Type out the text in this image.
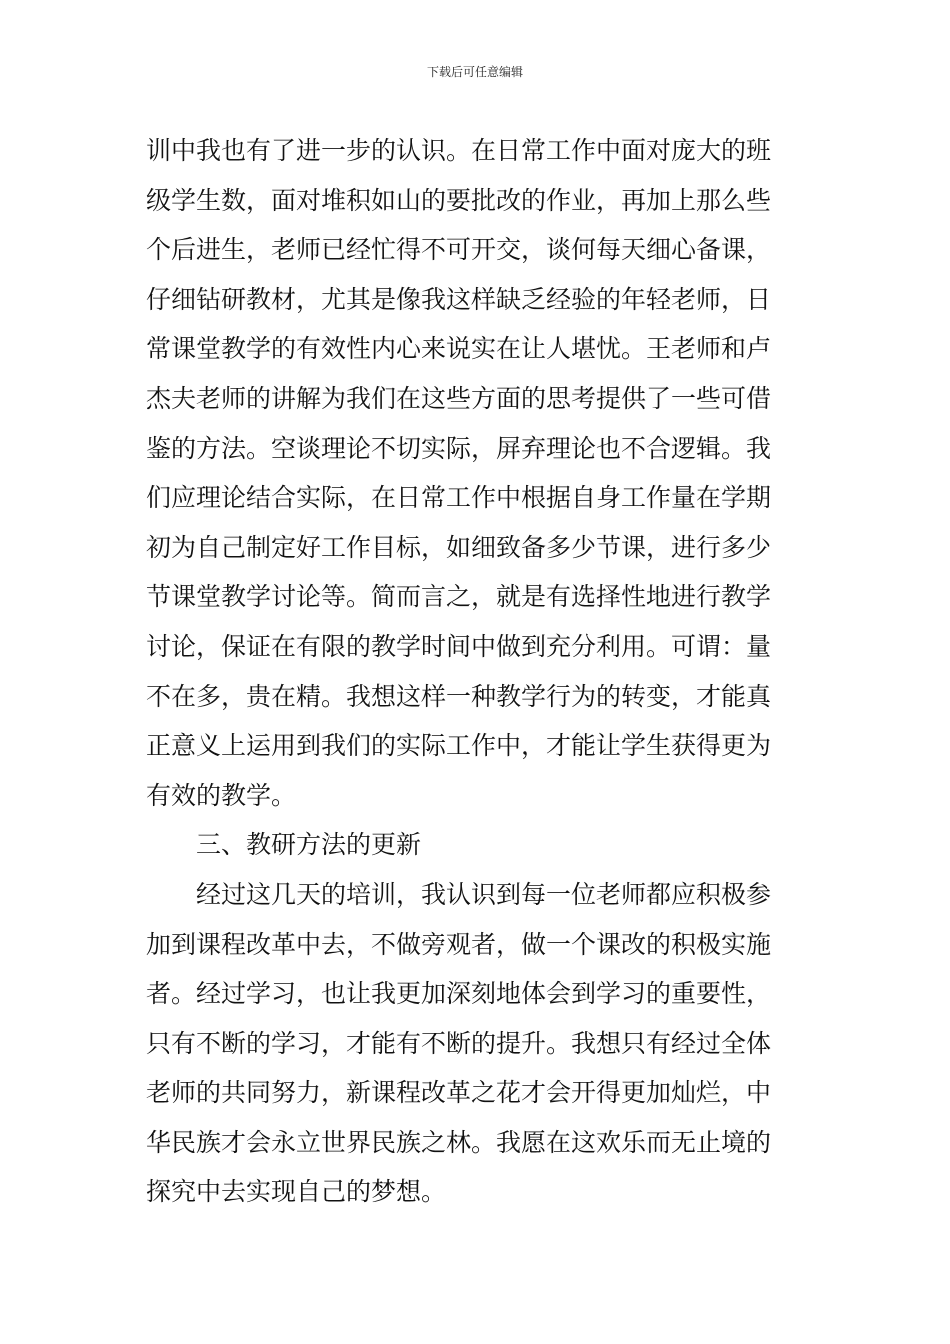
下载后可任意编辑
训中我也有了进一步的认识。在日常工作中面对庞大的班
级学生数，面对堆积如山的要批改的作业，再加上那么些
个后进生，老师已经忙得不可开交，谈何每天细心备课，
仔细钻研教材，尤其是像我这样缺乏经验的年轻老师，日
常课堂教学的有效性内心来说实在让人堪忧。王老师和卢
杰夫老师的讲解为我们在这些方面的思考提供了一些可借
鉴的方法。空谈理论不切实际，屏弃理论也不合逻辑。我
们应理论结合实际，在日常工作中根据自身工作量在学期
初为自己制定好工作目标，如细致备多少节课，进行多少
节课堂教学讨论等。简而言之，就是有选择性地进行教学
讨论，保证在有限的教学时间中做到充分利用。可谓：量
不在多，贵在精。我想这样一种教学行为的转变，才能真
正意义上运用到我们的实际工作中，才能让学生获得更为
有效的教学。
三、教研方法的更新
经过这几天的培训，我认识到每一位老师都应积极参
加到课程改革中去，不做旁观者，做一个课改的积极实施
者。经过学习，也让我更加深刻地体会到学习的重要性，
只有不断的学习，才能有不断的提升。我想只有经过全体
老师的共同努力，新课程改革之花才会开得更加灿烂，中
华民族才会永立世界民族之林。我愿在这欢乐而无止境的
探究中去实现自己的梦想。
